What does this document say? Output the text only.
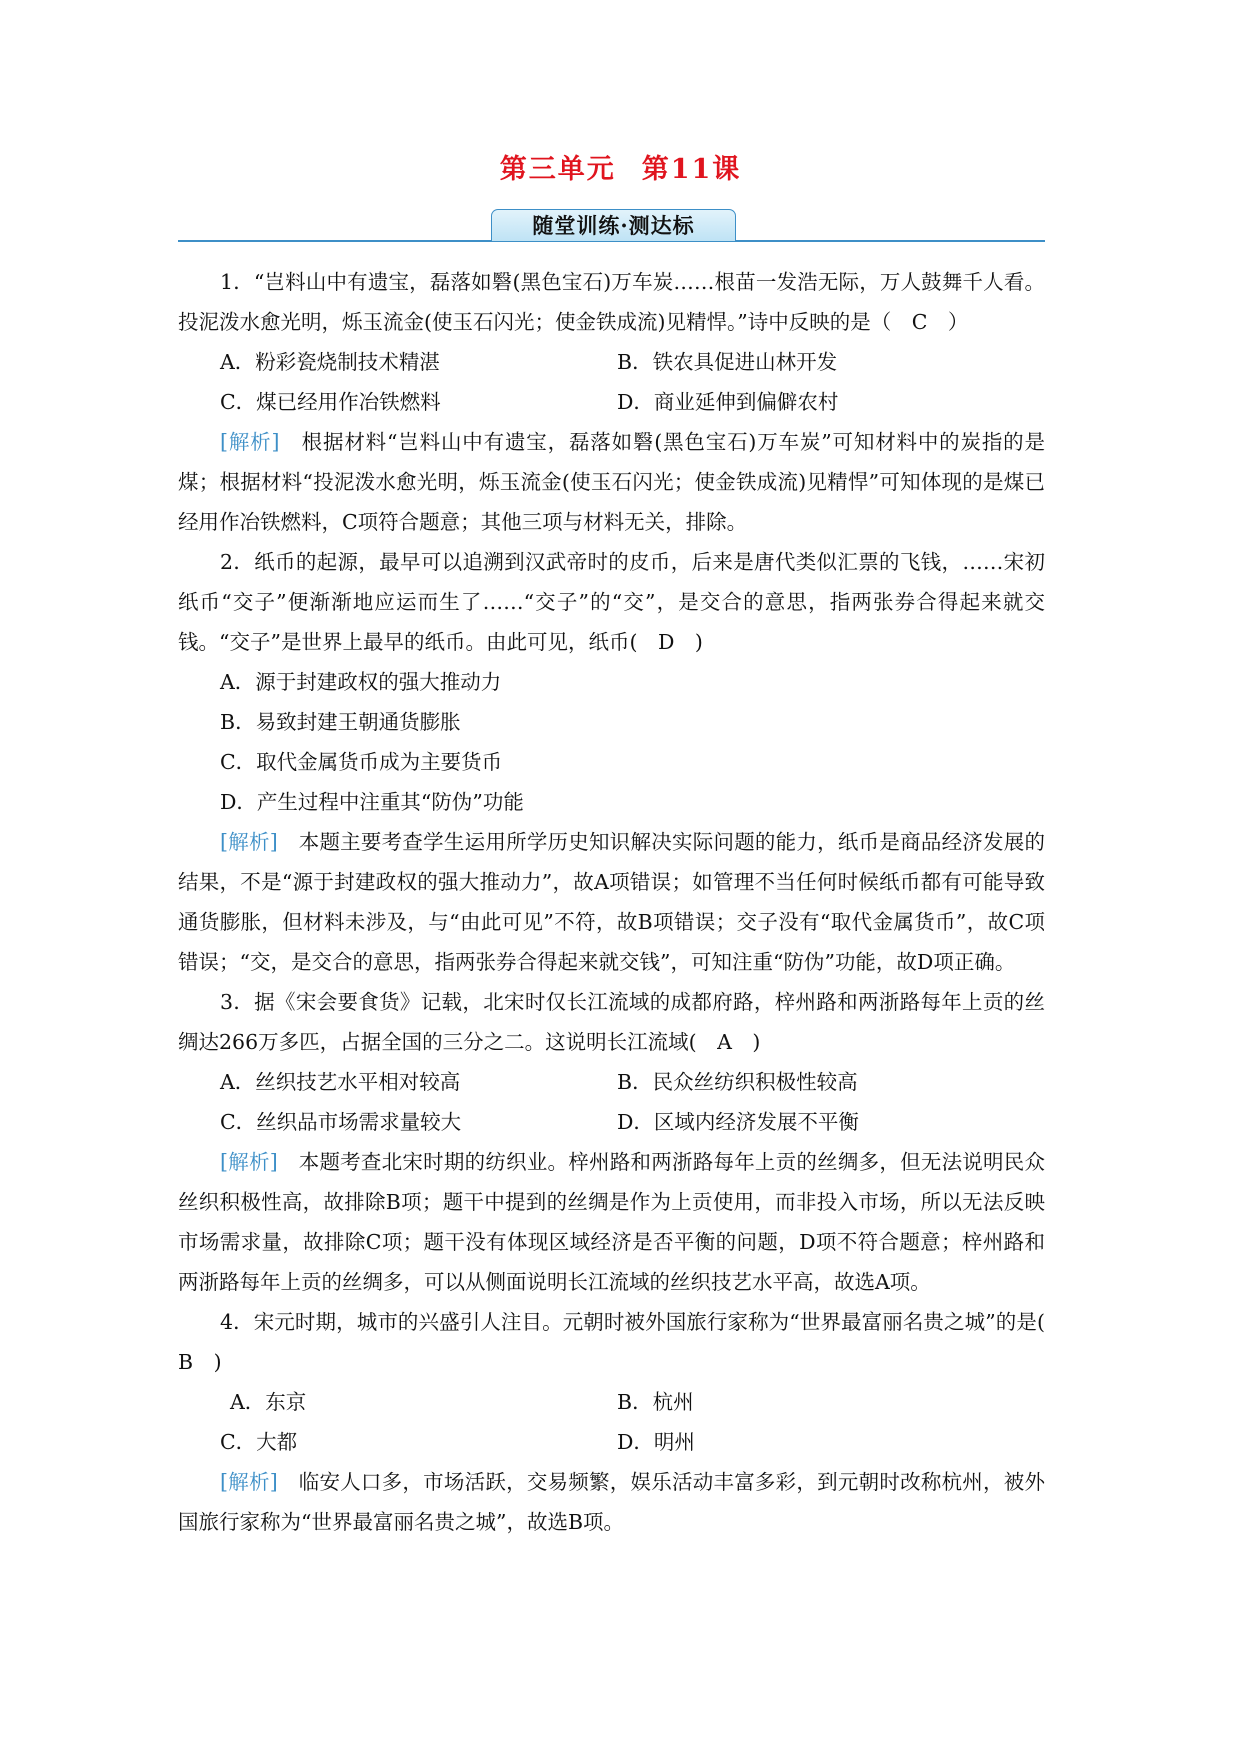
第三单元 第11课
随堂训练·测达标

1．“岂料山中有遗宝，磊落如䃜(黑色宝石)万车炭……根苗一发浩无际，万人鼓舞千人看。投泥泼水愈光明，烁玉流金(使玉石闪光；使金铁成流)见精悍。”诗中反映的是（　C　）

A．粉彩瓷烧制技术精湛	B．铁农具促进山林开发
C．煤已经用作冶铁燃料	D．商业延伸到偏僻农村

[解析]　 根据材料“岂料山中有遗宝，磊落如䃜(黑色宝石)万车炭”可知材料中的炭指的是煤；根据材料“投泥泼水愈光明，烁玉流金(使玉石闪光；使金铁成流)见精悍”可知体现的是煤已经用作冶铁燃料，C项符合题意；其他三项与材料无关，排除。

2．纸币的起源，最早可以追溯到汉武帝时的皮币，后来是唐代类似汇票的飞钱，……宋初纸币“交子”便渐渐地应运而生了……“交子”的“交”，是交合的意思，指两张券合得起来就交钱。“交子”是世界上最早的纸币。由此可见，纸币(　D　)

A．源于封建政权的强大推动力
B．易致封建王朝通货膨胀
C．取代金属货币成为主要货币
D．产生过程中注重其“防伪”功能

[解析]　 本题主要考查学生运用所学历史知识解决实际问题的能力，纸币是商品经济发展的结果，不是“源于封建政权的强大推动力”，故A项错误；如管理不当任何时候纸币都有可能导致通货膨胀，但材料未涉及，与“由此可见”不符，故B项错误；交子没有“取代金属货币”，故C项错误；“交，是交合的意思，指两张券合得起来就交钱”，可知注重“防伪”功能，故D项正确。

3．据《宋会要食货》记载，北宋时仅长江流域的成都府路，梓州路和两浙路每年上贡的丝绸达266万多匹，占据全国的三分之二。这说明长江流域(　A　)

A．丝织技艺水平相对较高	B．民众丝纺织积极性较高
C．丝织品市场需求量较大	D．区域内经济发展不平衡

[解析]　 本题考查北宋时期的纺织业。梓州路和两浙路每年上贡的丝绸多，但无法说明民众丝织积极性高，故排除B项；题干中提到的丝绸是作为上贡使用，而非投入市场，所以无法反映市场需求量，故排除C项；题干没有体现区域经济是否平衡的问题，D项不符合题意；梓州路和两浙路每年上贡的丝绸多，可以从侧面说明长江流域的丝织技艺水平高，故选A项。

4．宋元时期，城市的兴盛引人注目。元朝时被外国旅行家称为“世界最富丽名贵之城”的是(　B　)

A．东京	B．杭州
C．大都	D．明州

[解析]　 临安人口多，市场活跃，交易频繁，娱乐活动丰富多彩，到元朝时改称杭州，被外国旅行家称为“世界最富丽名贵之城”，故选B项。
